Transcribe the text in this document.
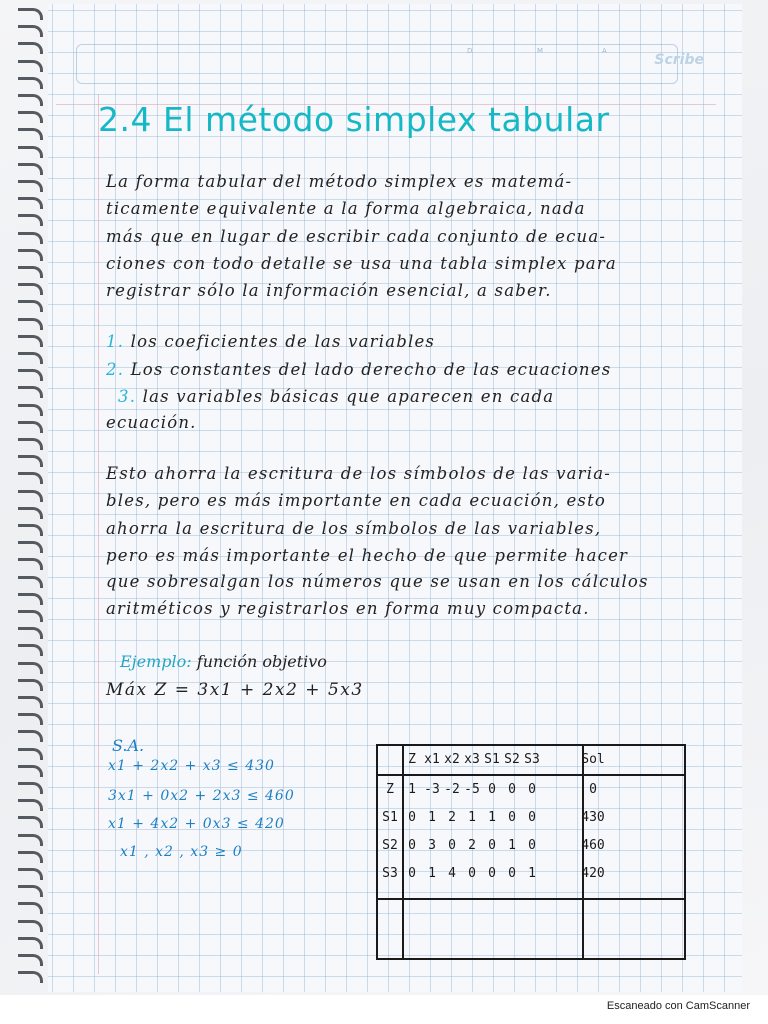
D	M	A
Scribe
2.4 El método simplex tabular
La forma tabular del método simplex es matemá-
ticamente equivalente a la forma algebraica, nada
más que en lugar de escribir cada conjunto de ecua-
ciones con todo detalle se usa una tabla simplex para
registrar sólo la información esencial, a saber.
1. los coeficientes de las variables
2. Los constantes del lado derecho de las ecuaciones
3. las variables básicas que aparecen en cada
ecuación.
Esto ahorra la escritura de los símbolos de las varia-
bles, pero es más importante en cada ecuación, esto
ahorra la escritura de los símbolos de las variables,
pero es más importante el hecho de que permite hacer
que sobresalgan los números que se usan en los cálculos
aritméticos y registrarlos en forma muy compacta.
Ejemplo: función objetivo
Máx Z = 3x1 + 2x2 + 5x3
S.A.
x1 + 2x2 + x3 ≤ 430
3x1 + 0x2 + 2x3 ≤ 460
x1 + 4x2 + 0x3 ≤ 420
x1 , x2 , x3 ≥ 0
Z x1 x2 x3 S1 S2 S3	Sol
Z	1 -3 -2 -5 0 0 0	0
S1 0 1 2 1 1 0 0	430
S2 0 3 0 2 0 1 0	460
S3 0 1 4 0 0 0 1	420
Escaneado con CamScanner
